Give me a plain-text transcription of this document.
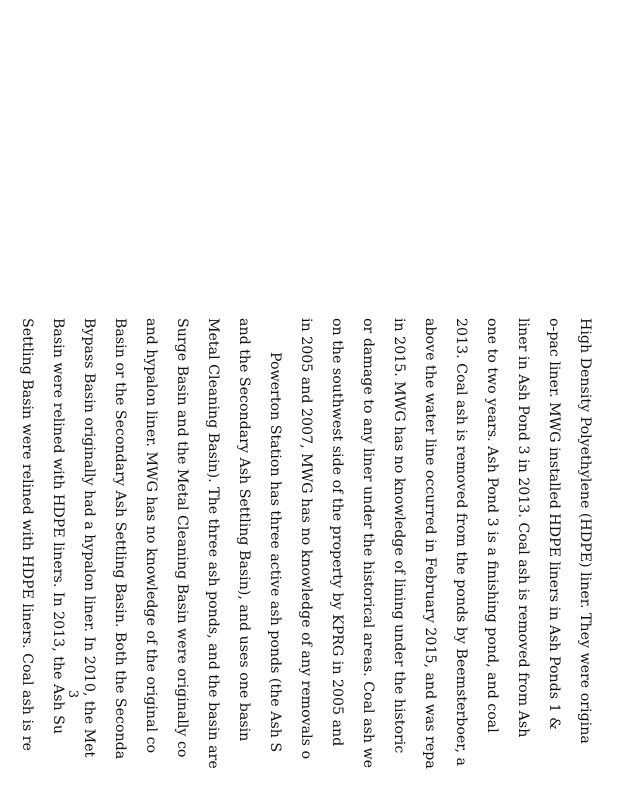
High Density Polyethylene (HDPE) liner. They were origina
o-pac liner. MWG installed HDPE liners in Ash Ponds 1 &
liner in Ash Pond 3 in 2013. Coal ash is removed from Ash
one to two years. Ash Pond 3 is a finishing pond, and coal
2013. Coal ash is removed from the ponds by Beemsterboer, a
above the water line occurred in February 2015, and was repa
in 2015. MWG has no knowledge of lining under the historic
or damage to any liner under the historical areas. Coal ash we
on the southwest side of the property by KPRG in 2005 and
in 2005 and 2007, MWG has no knowledge of any removals o
Powerton Station has three active ash ponds (the Ash S
and the Secondary Ash Settling Basin), and uses one basin
Metal Cleaning Basin). The three ash ponds, and the basin are
Surge Basin and the Metal Cleaning Basin were originally co
and hypalon liner. MWG has no knowledge of the original co
Basin or the Secondary Ash Settling Basin. Both the Seconda
Bypass Basin originally had a hypalon liner. In 2010, the Met
Basin were relined with HDPE liners. In 2013, the Ash Su
Settling Basin were relined with HDPE liners. Coal ash is re	3
